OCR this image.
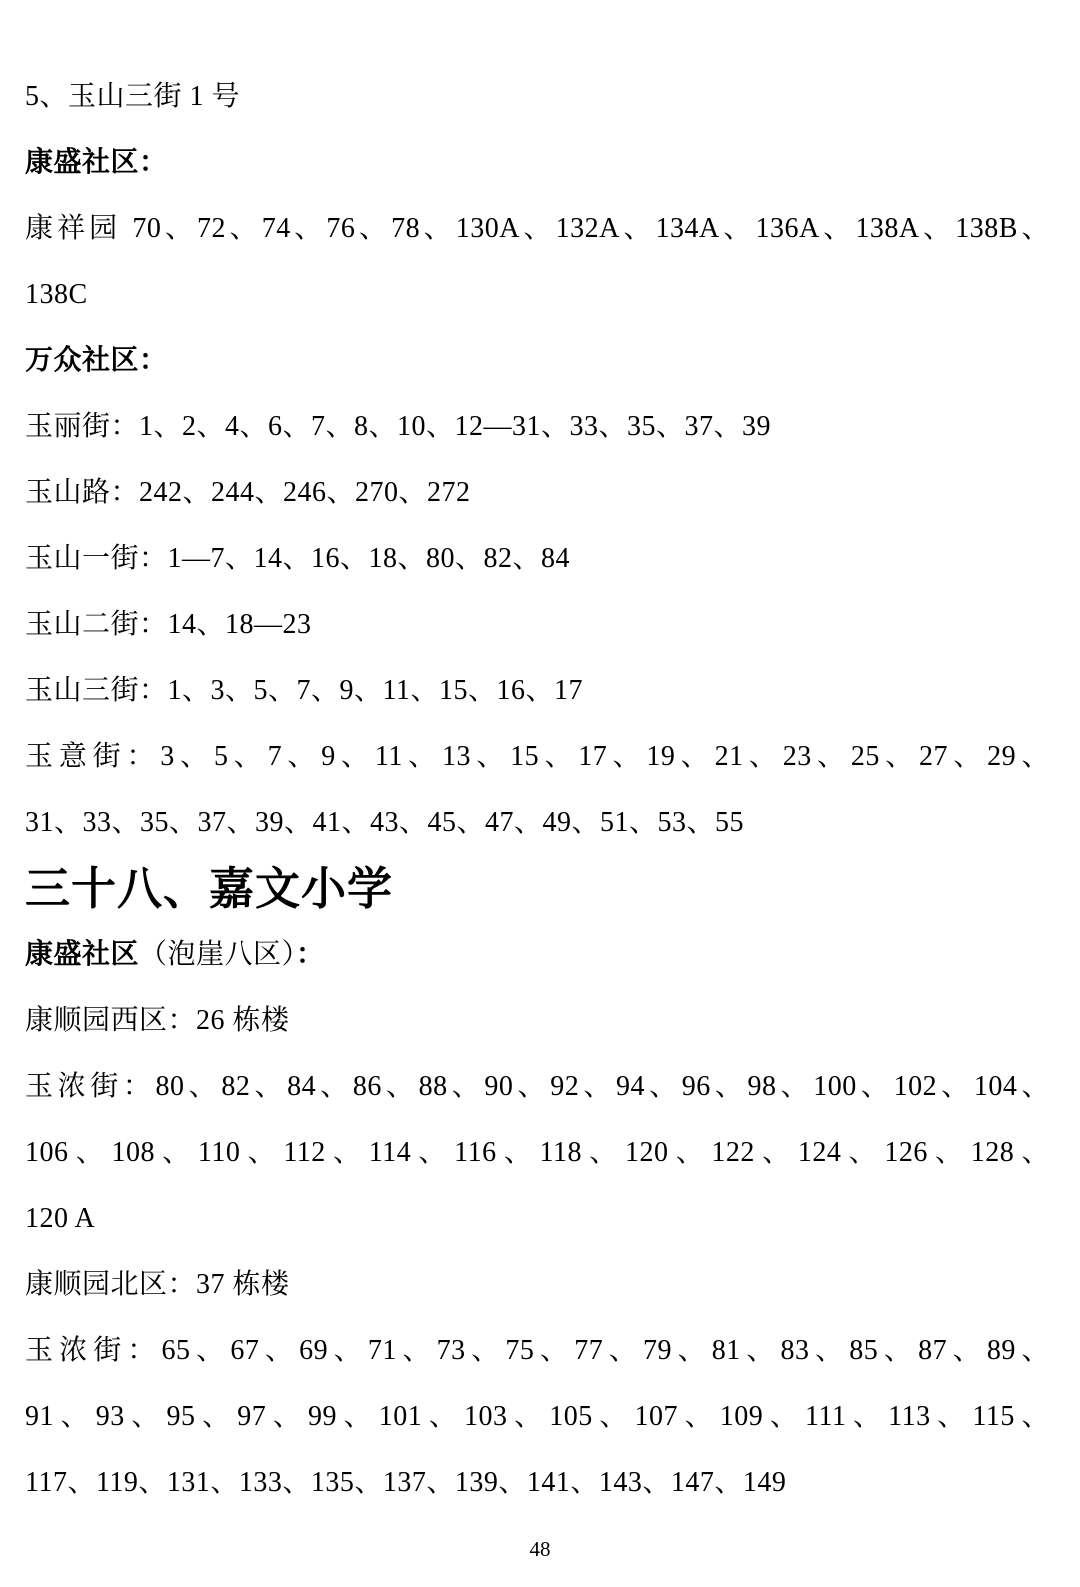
5、玉山三街 1 号

康盛社区：

康祥园 70、72、74、76、78、130A、132A、134A、136A、138A、138B、

138C

万众社区：

玉丽街：1、2、4、6、7、8、10、12—31、33、35、37、39

玉山路：242、244、246、270、272

玉山一街：1—7、14、16、18、80、82、84

玉山二街：14、18—23

玉山三街：1、3、5、7、9、11、15、16、17

玉意街：3、5、7、9、11、13、15、17、19、21、23、25、27、29、

31、33、35、37、39、41、43、45、47、49、51、53、55

三十八、嘉文小学

康盛社区（泡崖八区）：

康顺园西区：26 栋楼

玉浓街：80、82、84、86、88、90、92、94、96、98、100、102、104、

106、108、110、112、114、116、118、120、122、124、126、128、

120 A

康顺园北区：37 栋楼

玉浓街：65、67、69、71、73、75、77、79、81、83、85、87、89、

91、93、95、97、99、101、103、105、107、109、111、113、115、

117、119、131、133、135、137、139、141、143、147、149

48
